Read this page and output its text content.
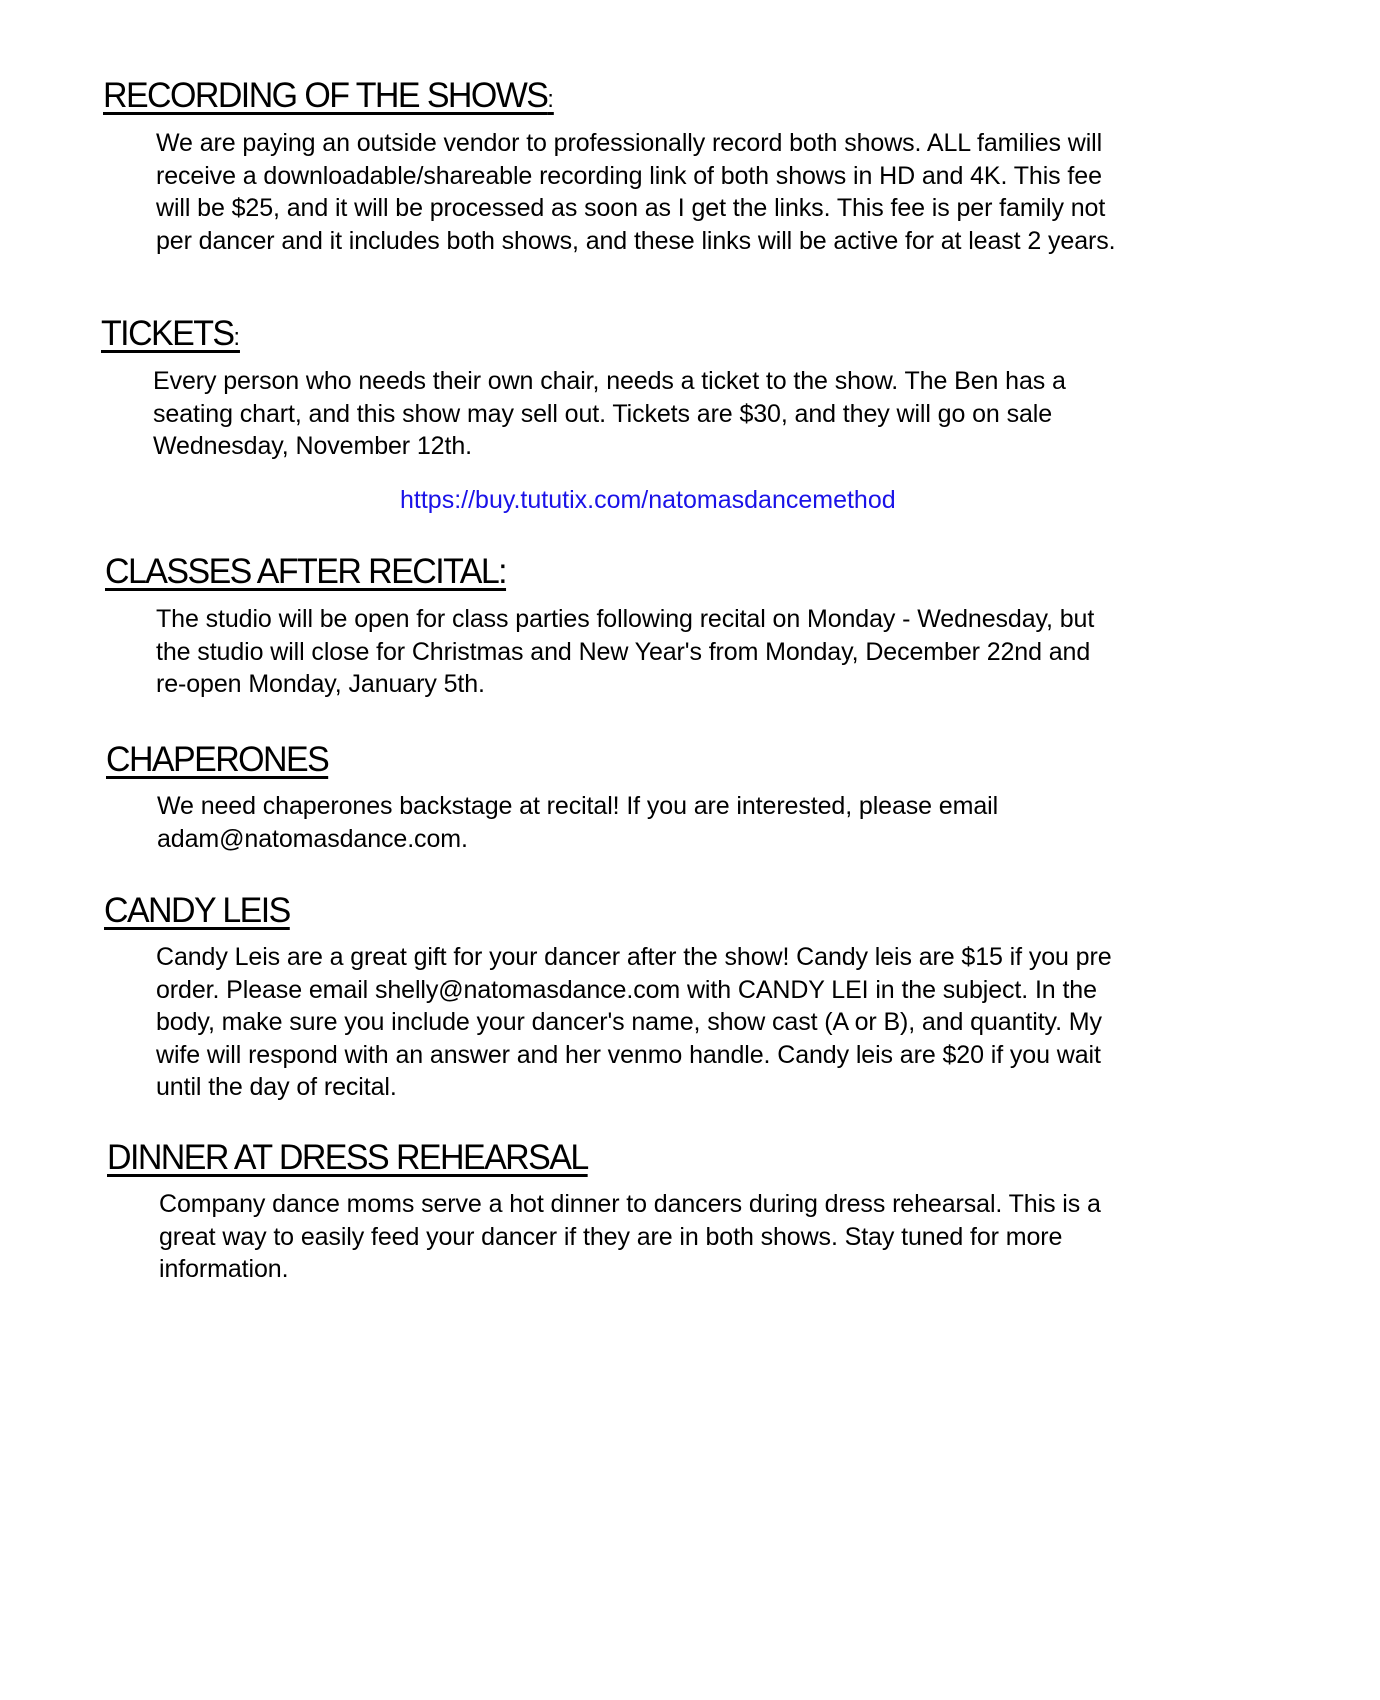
RECORDING OF THE SHOWS:
We are paying an outside vendor to professionally record both shows. ALL families will
receive a downloadable/shareable recording link of both shows in HD and 4K. This fee
will be $25, and it will be processed as soon as I get the links. This fee is per family not
per dancer and it includes both shows, and these links will be active for at least 2 years.
TICKETS:
Every person who needs their own chair, needs a ticket to the show. The Ben has a
seating chart, and this show may sell out. Tickets are $30, and they will go on sale
Wednesday, November 12th.
https://buy.tututix.com/natomasdancemethod
CLASSES AFTER RECITAL:
The studio will be open for class parties following recital on Monday - Wednesday, but
the studio will close for Christmas and New Year's from Monday, December 22nd and
re-open Monday, January 5th.
CHAPERONES
We need chaperones backstage at recital! If you are interested, please email
adam@natomasdance.com.
CANDY LEIS
Candy Leis are a great gift for your dancer after the show! Candy leis are $15 if you pre
order. Please email shelly@natomasdance.com with CANDY LEI in the subject. In the
body, make sure you include your dancer's name, show cast (A or B), and quantity. My
wife will respond with an answer and her venmo handle. Candy leis are $20 if you wait
until the day of recital.
DINNER AT DRESS REHEARSAL
Company dance moms serve a hot dinner to dancers during dress rehearsal. This is a
great way to easily feed your dancer if they are in both shows. Stay tuned for more
information.
